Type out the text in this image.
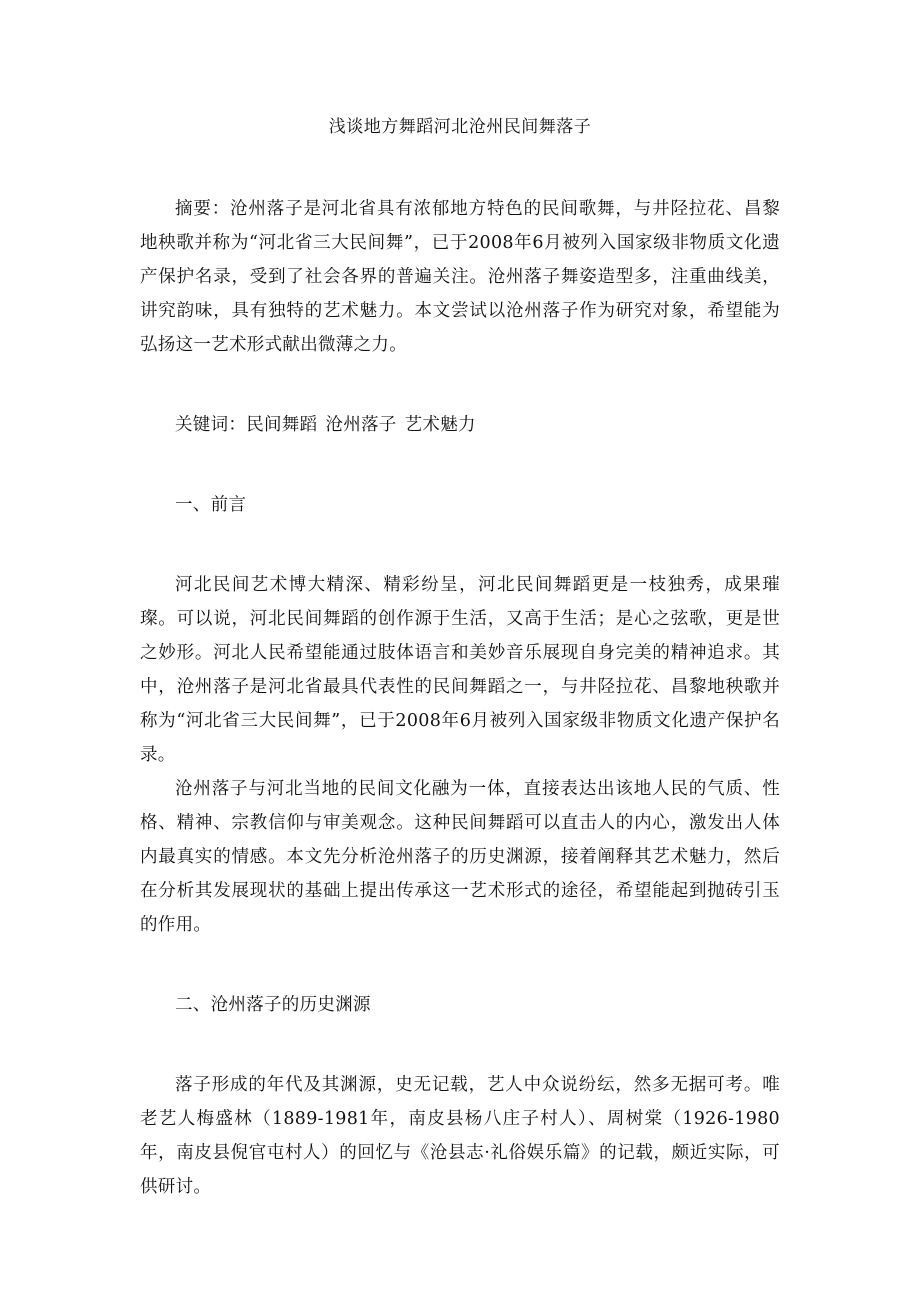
浅谈地方舞蹈河北沧州民间舞落子

摘要：沧州落子是河北省具有浓郁地方特色的民间歌舞，与井陉拉花、昌黎地秧歌并称为“河北省三大民间舞”，已于2008年6月被列入国家级非物质文化遗产保护名录，受到了社会各界的普遍关注。沧州落子舞姿造型多，注重曲线美，讲究韵味，具有独特的艺术魅力。本文尝试以沧州落子作为研究对象，希望能为弘扬这一艺术形式献出微薄之力。

关键词：民间舞蹈 沧州落子 艺术魅力

一、前言

河北民间艺术博大精深、精彩纷呈，河北民间舞蹈更是一枝独秀，成果璀璨。可以说，河北民间舞蹈的创作源于生活，又高于生活；是心之弦歌，更是世之妙形。河北人民希望能通过肢体语言和美妙音乐展现自身完美的精神追求。其中，沧州落子是河北省最具代表性的民间舞蹈之一，与井陉拉花、昌黎地秧歌并称为“河北省三大民间舞”，已于2008年6月被列入国家级非物质文化遗产保护名录。

沧州落子与河北当地的民间文化融为一体，直接表达出该地人民的气质、性格、精神、宗教信仰与审美观念。这种民间舞蹈可以直击人的内心，激发出人体内最真实的情感。本文先分析沧州落子的历史渊源，接着阐释其艺术魅力，然后在分析其发展现状的基础上提出传承这一艺术形式的途径，希望能起到抛砖引玉的作用。

二、沧州落子的历史渊源

落子形成的年代及其渊源，史无记载，艺人中众说纷纭，然多无据可考。唯老艺人梅盛林（1889-1981年，南皮县杨八庄子村人）、周树棠（1926-1980年，南皮县倪官屯村人）的回忆与《沧县志·礼俗娱乐篇》的记载，颇近实际，可供研讨。
